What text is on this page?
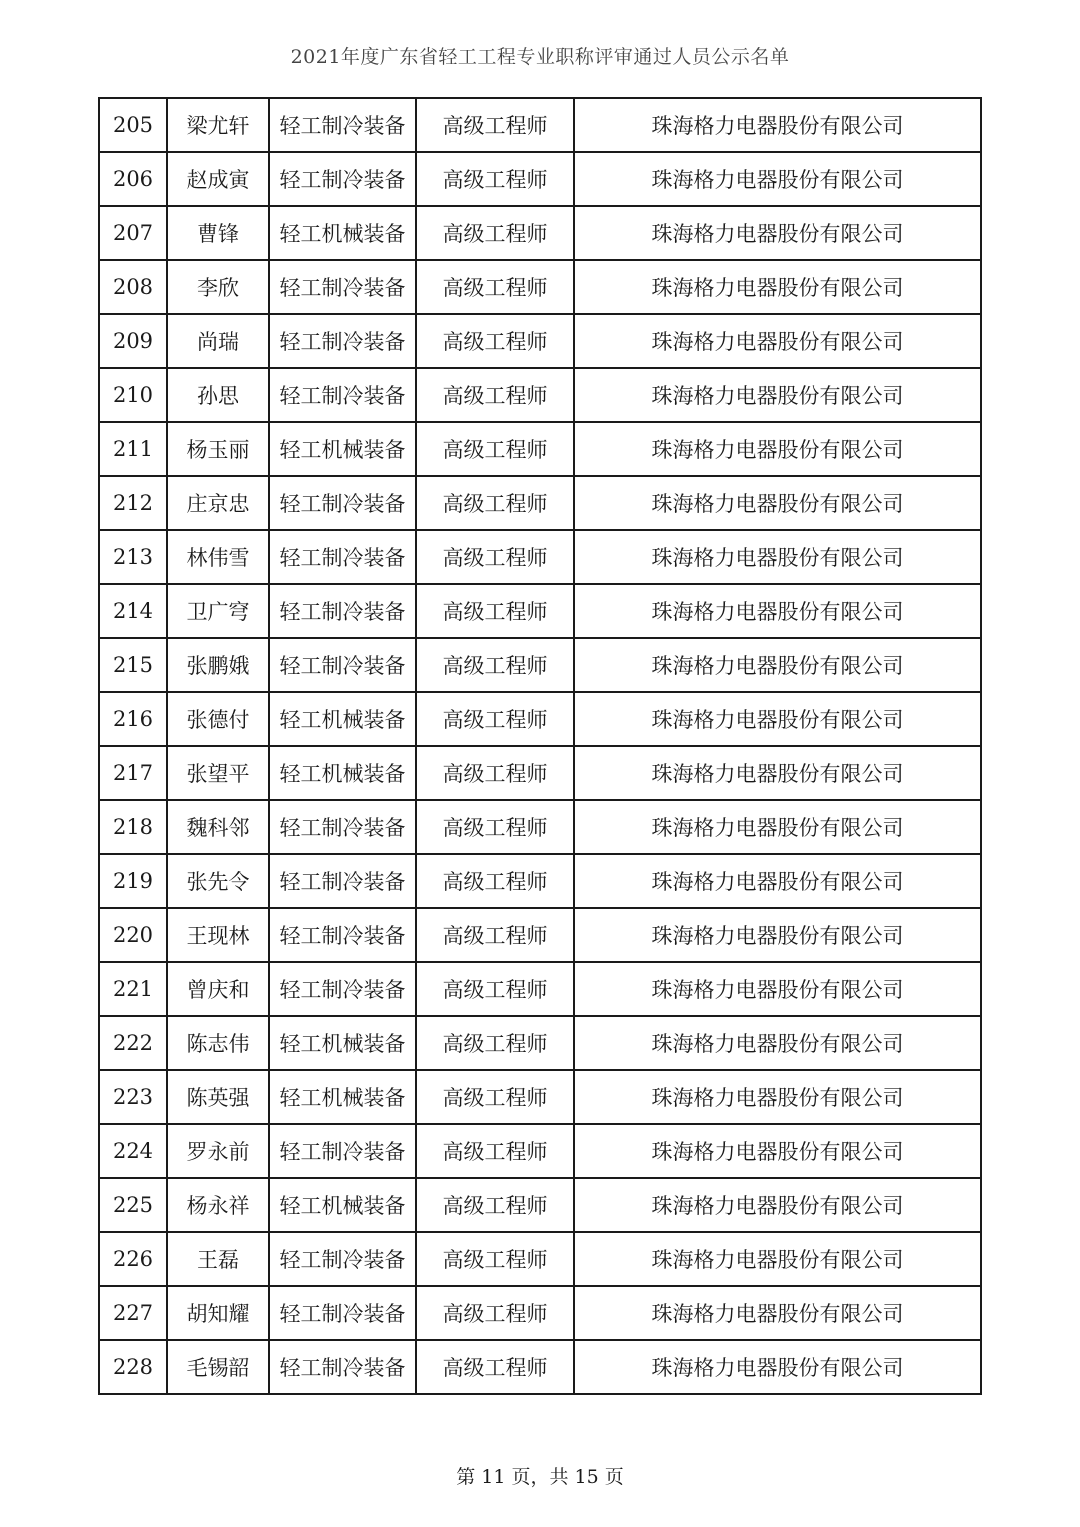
2021年度广东省轻工工程专业职称评审通过人员公示名单
205	梁尤轩	轻工制冷装备	高级工程师	珠海格力电器股份有限公司
206	赵成寅	轻工制冷装备	高级工程师	珠海格力电器股份有限公司
207	曹锋	轻工机械装备	高级工程师	珠海格力电器股份有限公司
208	李欣	轻工制冷装备	高级工程师	珠海格力电器股份有限公司
209	尚瑞	轻工制冷装备	高级工程师	珠海格力电器股份有限公司
210	孙思	轻工制冷装备	高级工程师	珠海格力电器股份有限公司
211	杨玉丽	轻工机械装备	高级工程师	珠海格力电器股份有限公司
212	庄京忠	轻工制冷装备	高级工程师	珠海格力电器股份有限公司
213	林伟雪	轻工制冷装备	高级工程师	珠海格力电器股份有限公司
214	卫广穹	轻工制冷装备	高级工程师	珠海格力电器股份有限公司
215	张鹏娥	轻工制冷装备	高级工程师	珠海格力电器股份有限公司
216	张德付	轻工机械装备	高级工程师	珠海格力电器股份有限公司
217	张望平	轻工机械装备	高级工程师	珠海格力电器股份有限公司
218	魏科邻	轻工制冷装备	高级工程师	珠海格力电器股份有限公司
219	张先令	轻工制冷装备	高级工程师	珠海格力电器股份有限公司
220	王现林	轻工制冷装备	高级工程师	珠海格力电器股份有限公司
221	曾庆和	轻工制冷装备	高级工程师	珠海格力电器股份有限公司
222	陈志伟	轻工机械装备	高级工程师	珠海格力电器股份有限公司
223	陈英强	轻工机械装备	高级工程师	珠海格力电器股份有限公司
224	罗永前	轻工制冷装备	高级工程师	珠海格力电器股份有限公司
225	杨永祥	轻工机械装备	高级工程师	珠海格力电器股份有限公司
226	王磊	轻工制冷装备	高级工程师	珠海格力电器股份有限公司
227	胡知耀	轻工制冷装备	高级工程师	珠海格力电器股份有限公司
228	毛锡韶	轻工制冷装备	高级工程师	珠海格力电器股份有限公司
第 11 页，共 15 页
